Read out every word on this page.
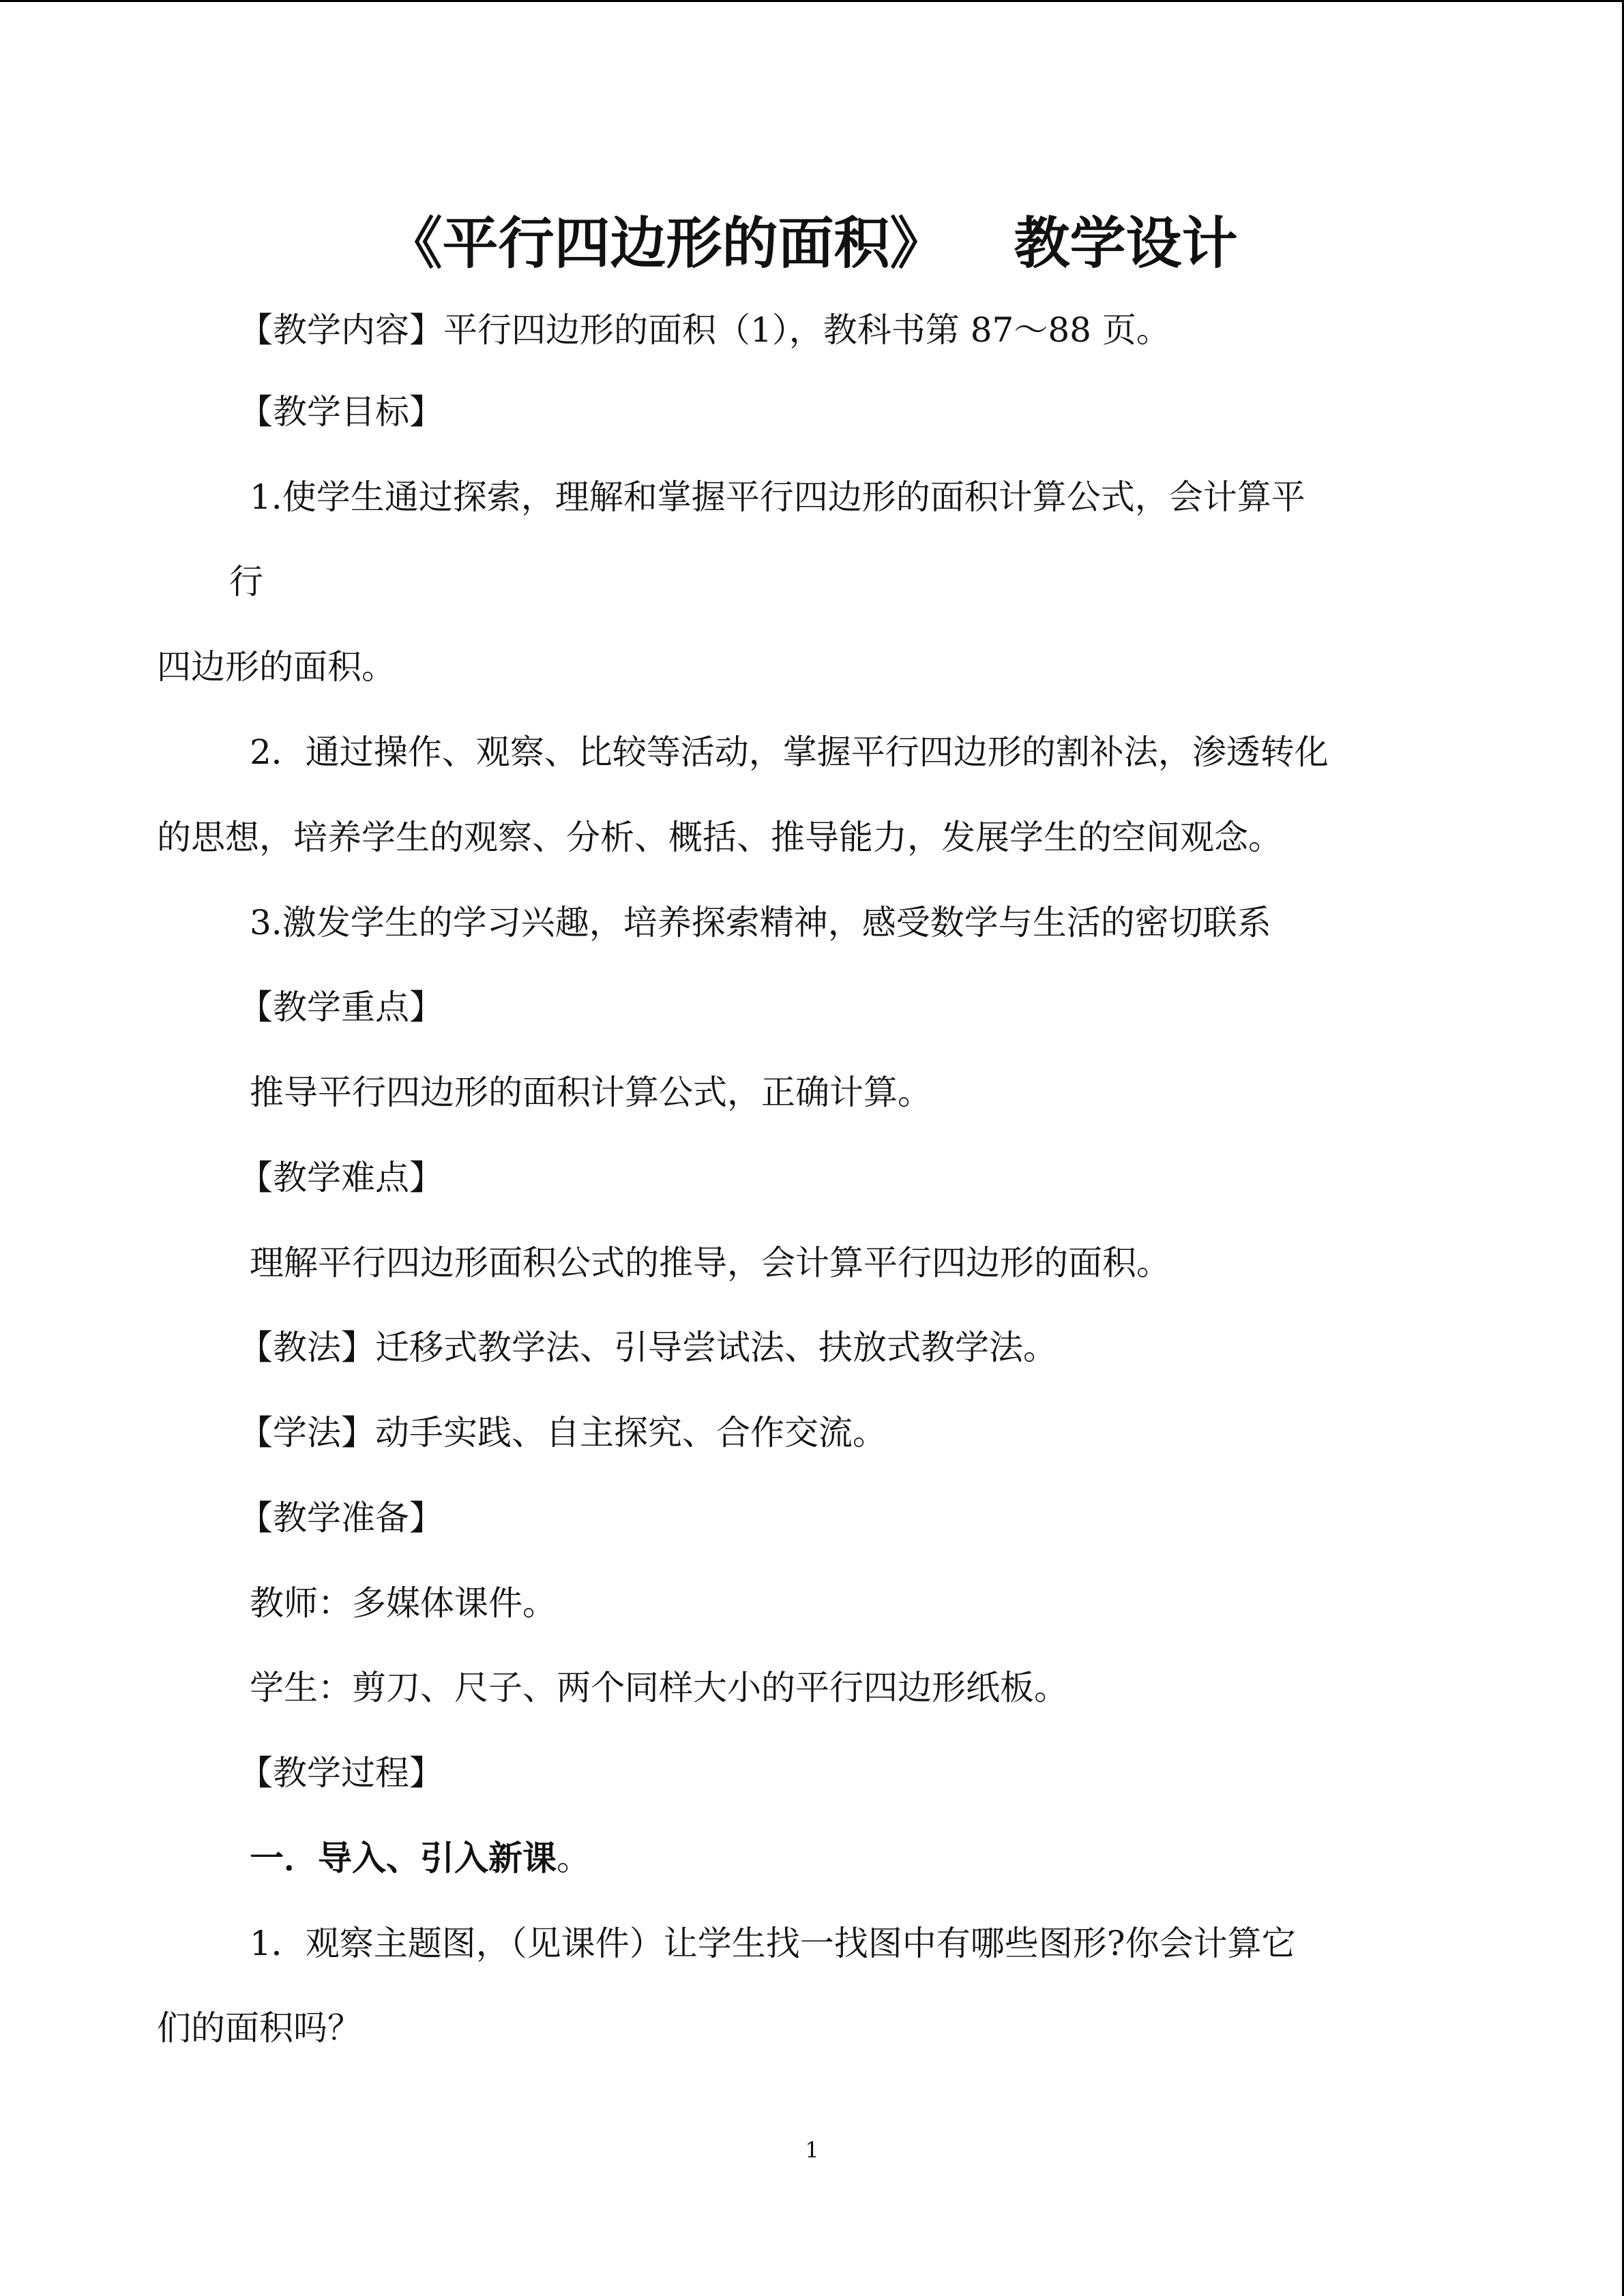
《平行四边形的面积》 教学设计
【教学内容】平行四边形的面积（1），教科书第 87～88 页。
【教学目标】
1.使学生通过探索，理解和掌握平行四边形的面积计算公式，会计算平
行
四边形的面积。
2．通过操作、观察、比较等活动，掌握平行四边形的割补法，渗透转化
的思想，培养学生的观察、分析、概括、推导能力，发展学生的空间观念。
3.激发学生的学习兴趣，培养探索精神，感受数学与生活的密切联系
【教学重点】
推导平行四边形的面积计算公式，正确计算。
【教学难点】
理解平行四边形面积公式的推导，会计算平行四边形的面积。
【教法】迁移式教学法、引导尝试法、扶放式教学法。
【学法】动手实践、自主探究、合作交流。
【教学准备】
教师：多媒体课件。
学生：剪刀、尺子、两个同样大小的平行四边形纸板。
【教学过程】
一．导入、引入新课。
1．观察主题图，（见课件）让学生找一找图中有哪些图形?你会计算它
们的面积吗？
1
